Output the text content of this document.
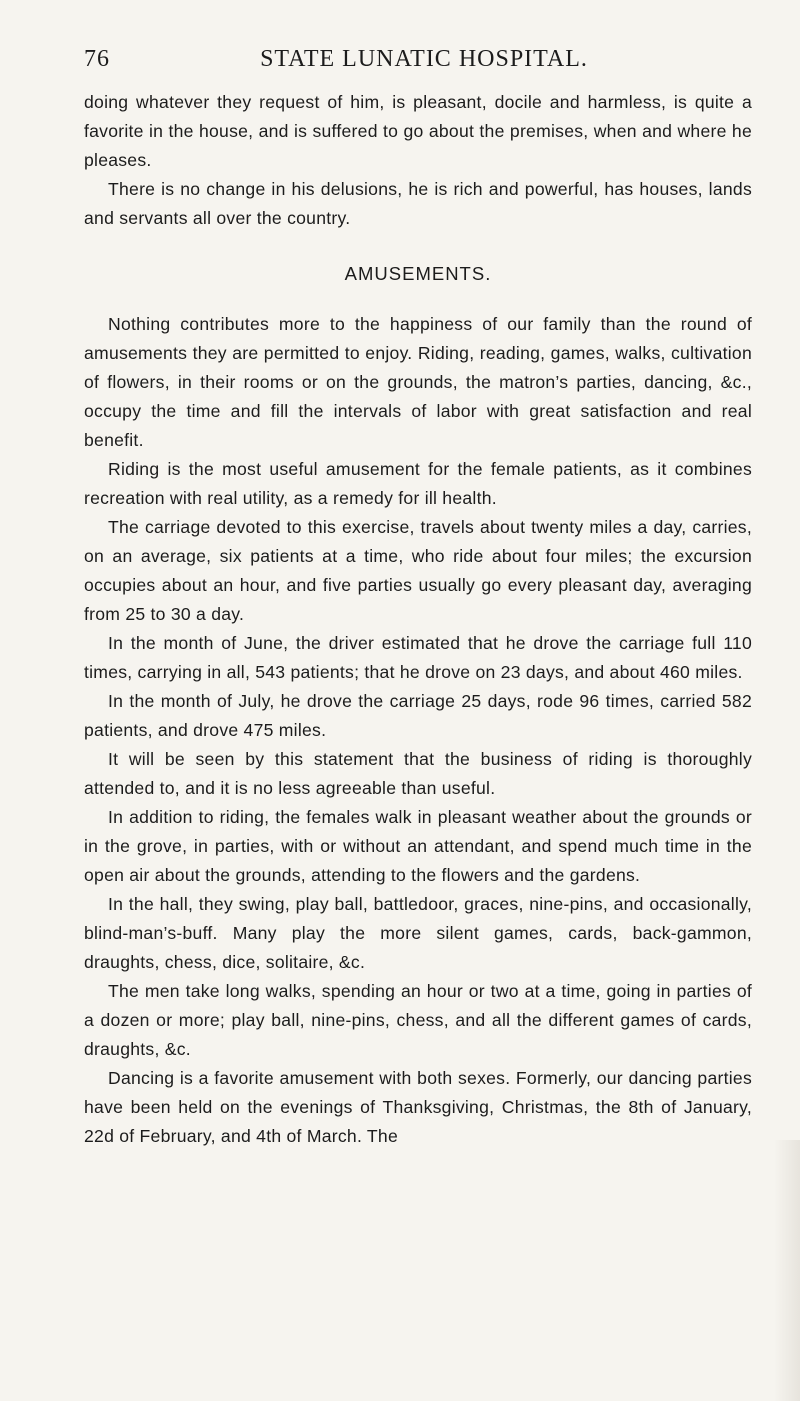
76	STATE LUNATIC HOSPITAL.

doing whatever they request of him, is pleasant, docile and harmless, is quite a favorite in the house, and is suffered to go about the premises, when and where he pleases.

There is no change in his delusions, he is rich and powerful, has houses, lands and servants all over the country.

AMUSEMENTS.

Nothing contributes more to the happiness of our family than the round of amusements they are permitted to enjoy. Riding, reading, games, walks, cultivation of flowers, in their rooms or on the grounds, the matron’s parties, dancing, &c., occupy the time and fill the intervals of labor with great satisfaction and real benefit.

Riding is the most useful amusement for the female patients, as it combines recreation with real utility, as a remedy for ill health.

The carriage devoted to this exercise, travels about twenty miles a day, carries, on an average, six patients at a time, who ride about four miles; the excursion occupies about an hour, and five parties usually go every pleasant day, averaging from 25 to 30 a day.

In the month of June, the driver estimated that he drove the carriage full 110 times, carrying in all, 543 patients; that he drove on 23 days, and about 460 miles.

In the month of July, he drove the carriage 25 days, rode 96 times, carried 582 patients, and drove 475 miles.

It will be seen by this statement that the business of riding is thoroughly attended to, and it is no less agreeable than useful.

In addition to riding, the females walk in pleasant weather about the grounds or in the grove, in parties, with or without an attendant, and spend much time in the open air about the grounds, attending to the flowers and the gardens.

In the hall, they swing, play ball, battledoor, graces, nine-pins, and occasionally, blind-man’s-buff. Many play the more silent games, cards, back-gammon, draughts, chess, dice, solitaire, &c.

The men take long walks, spending an hour or two at a time, going in parties of a dozen or more; play ball, nine-pins, chess, and all the different games of cards, draughts, &c.

Dancing is a favorite amusement with both sexes. Formerly, our dancing parties have been held on the evenings of Thanksgiving, Christmas, the 8th of January, 22d of February, and 4th of March. The
